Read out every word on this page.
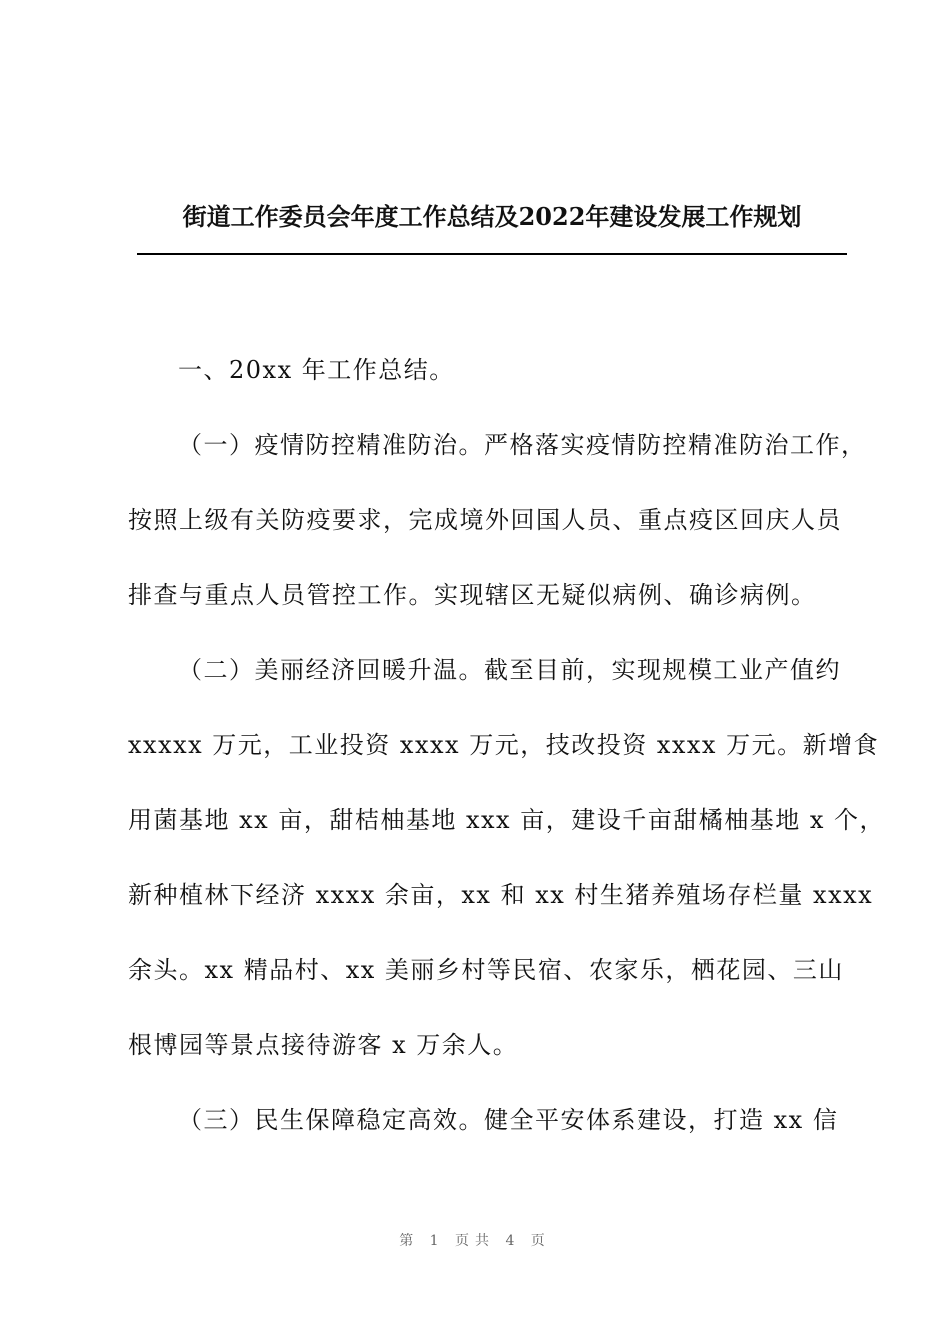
街道工作委员会年度工作总结及2022年建设发展工作规划
一、20xx 年工作总结。
（一）疫情防控精准防治。严格落实疫情防控精准防治工作，
按照上级有关防疫要求，完成境外回国人员、重点疫区回庆人员
排查与重点人员管控工作。实现辖区无疑似病例、确诊病例。
（二）美丽经济回暖升温。截至目前，实现规模工业产值约
xxxxx 万元，工业投资 xxxx 万元，技改投资 xxxx 万元。新增食
用菌基地 xx 亩，甜桔柚基地 xxx 亩，建设千亩甜橘柚基地 x 个，
新种植林下经济 xxxx 余亩，xx 和 xx 村生猪养殖场存栏量 xxxx
余头。xx 精品村、xx 美丽乡村等民宿、农家乐，栖花园、三山
根博园等景点接待游客 x 万余人。
（三）民生保障稳定高效。健全平安体系建设，打造 xx 信
第 1 页共 4 页
